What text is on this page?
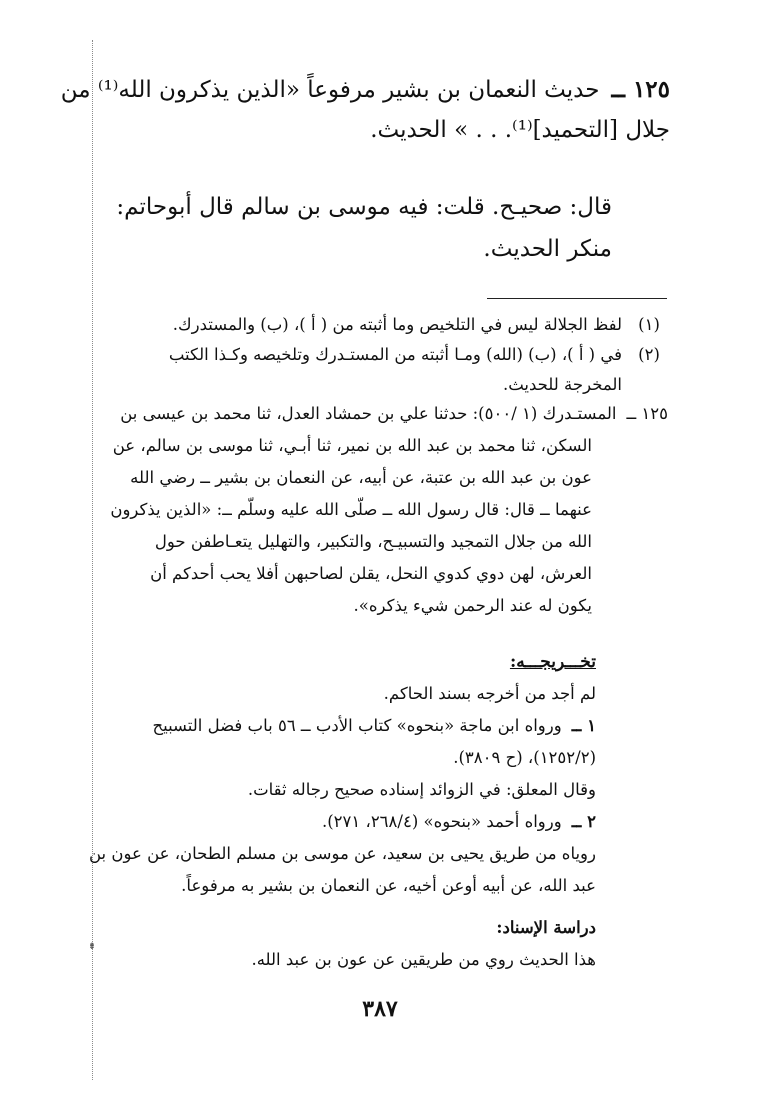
⇟
١٢٥ ــحديث النعمان بن بشير مرفوعاً «الذين يذكرون الله⁽¹⁾ من
جلال [التحميد]⁽¹⁾. . . » الحديث.
قال: صحيـح. قلت: فيه موسى بن سالم قال أبوحاتم:
منكر الحديث.
(١)لفظ الجلالة ليس في التلخيص وما أثبته من ( أ )، (ب) والمستدرك.
(٢)في ( أ )، (ب) (الله) ومـا أثبته من المستـدرك وتلخيصه وكـذا الكتب
المخرجة للحديث.
١٢٥ ــالمستـدرك (١ /٥٠٠): حدثنا علي بن حمشاد العدل، ثنا محمد بن عيسى بن
السكن، ثنا محمد بن عبد الله بن نمير، ثنا أبـي، ثنا موسى بن سالم، عن
عون بن عبد الله بن عتبة، عن أبيه، عن النعمان بن بشير ــ رضي الله
عنهما ــ قال: قال رسول الله ــ صلّى الله عليه وسلّم ــ: «الذين يذكرون
الله من جلال التمجيد والتسبيـح، والتكبير، والتهليل يتعـاطفن حول
العرش، لهن دوي كدوي النحل، يقلن لصاحبهن أفلا يحب أحدكم أن
يكون له عند الرحمن شيء يذكره».
تخـــريجـــه:
لم أجد من أخرجه بسند الحاكم.
١ ــورواه ابن ماجة «بنحوه» كتاب الأدب ــ ٥٦ باب فضل التسبيح
(١٢٥٢/٢)، (ح ٣٨٠٩).
وقال المعلق: في الزوائد إسناده صحيح رجاله ثقات.
٢ ــورواه أحمد «بنحوه» (٢٦٨/٤، ٢٧١).
روياه من طريق يحيى بن سعيد، عن موسى بن مسلم الطحان، عن عون بن
عبد الله، عن أبيه أوعن أخيه، عن النعمان بن بشير به مرفوعاً.
دراسة الإسناد:
هذا الحديث روي من طريقين عن عون بن عبد الله.
٣٨٧
